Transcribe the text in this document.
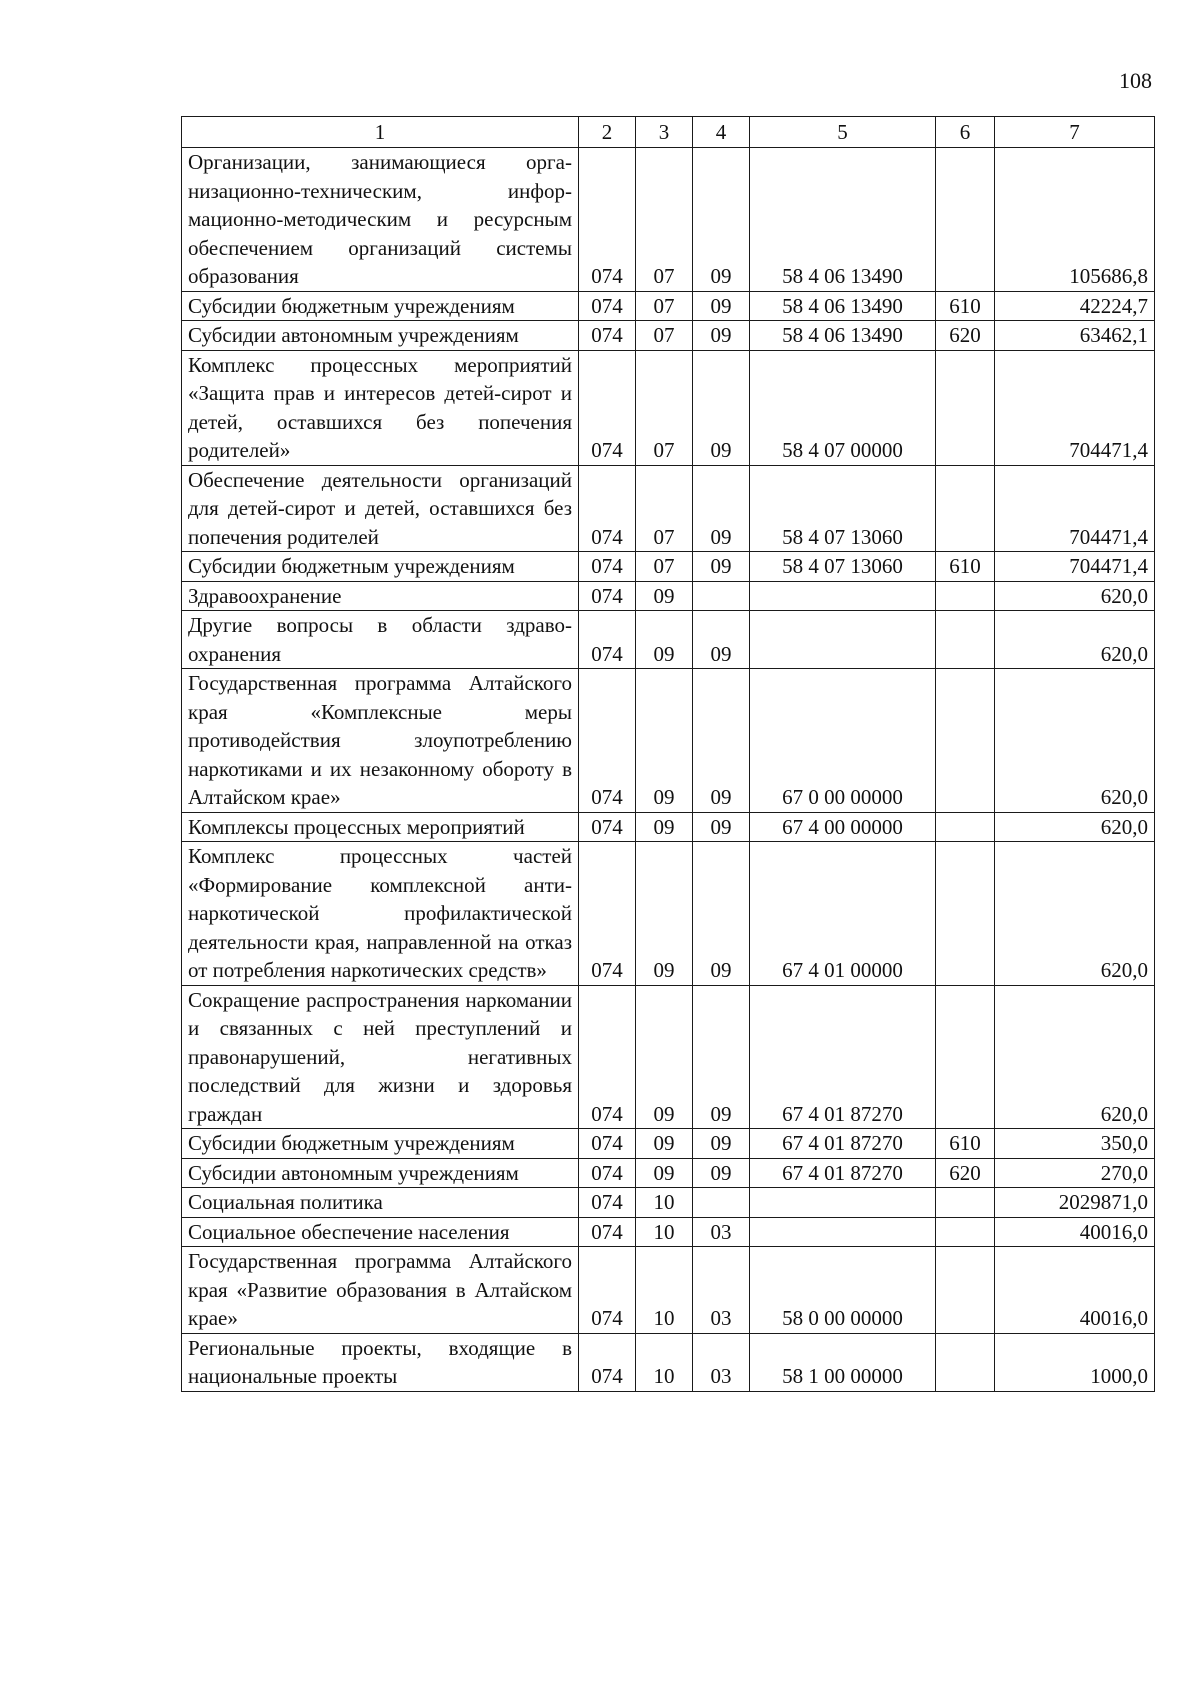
108
1	2	3	4	5	6	7
Организации, занимающиеся организационно-техническим, информационно-методическим и ресурсным обеспечением организаций системы образования	074	07	09	58 4 06 13490		105686,8
Субсидии бюджетным учреждениям	074	07	09	58 4 06 13490	610	42224,7
Субсидии автономным учреждениям	074	07	09	58 4 06 13490	620	63462,1
Комплекс процессных мероприятий «Защита прав и интересов детей-сирот и детей, оставшихся без попечения родителей»	074	07	09	58 4 07 00000		704471,4
Обеспечение деятельности организаций для детей-сирот и детей, оставшихся без попечения родителей	074	07	09	58 4 07 13060		704471,4
Субсидии бюджетным учреждениям	074	07	09	58 4 07 13060	610	704471,4
Здравоохранение	074	09				620,0
Другие вопросы в области здравоохранения	074	09	09			620,0
Государственная программа Алтайского края «Комплексные меры противодействия злоупотреблению наркотиками и их незаконному обороту в Алтайском крае»	074	09	09	67 0 00 00000		620,0
Комплексы процессных мероприятий	074	09	09	67 4 00 00000		620,0
Комплекс процессных частей «Формирование комплексной антинаркотической профилактической деятельности края, направленной на отказ от потребления наркотических средств»	074	09	09	67 4 01 00000		620,0
Сокращение распространения наркомании и связанных с ней преступлений и правонарушений, негативных последствий для жизни и здоровья граждан	074	09	09	67 4 01 87270		620,0
Субсидии бюджетным учреждениям	074	09	09	67 4 01 87270	610	350,0
Субсидии автономным учреждениям	074	09	09	67 4 01 87270	620	270,0
Социальная политика	074	10				2029871,0
Социальное обеспечение населения	074	10	03			40016,0
Государственная программа Алтайского края «Развитие образования в Алтайском крае»	074	10	03	58 0 00 00000		40016,0
Региональные проекты, входящие в национальные проекты	074	10	03	58 1 00 00000		1000,0
